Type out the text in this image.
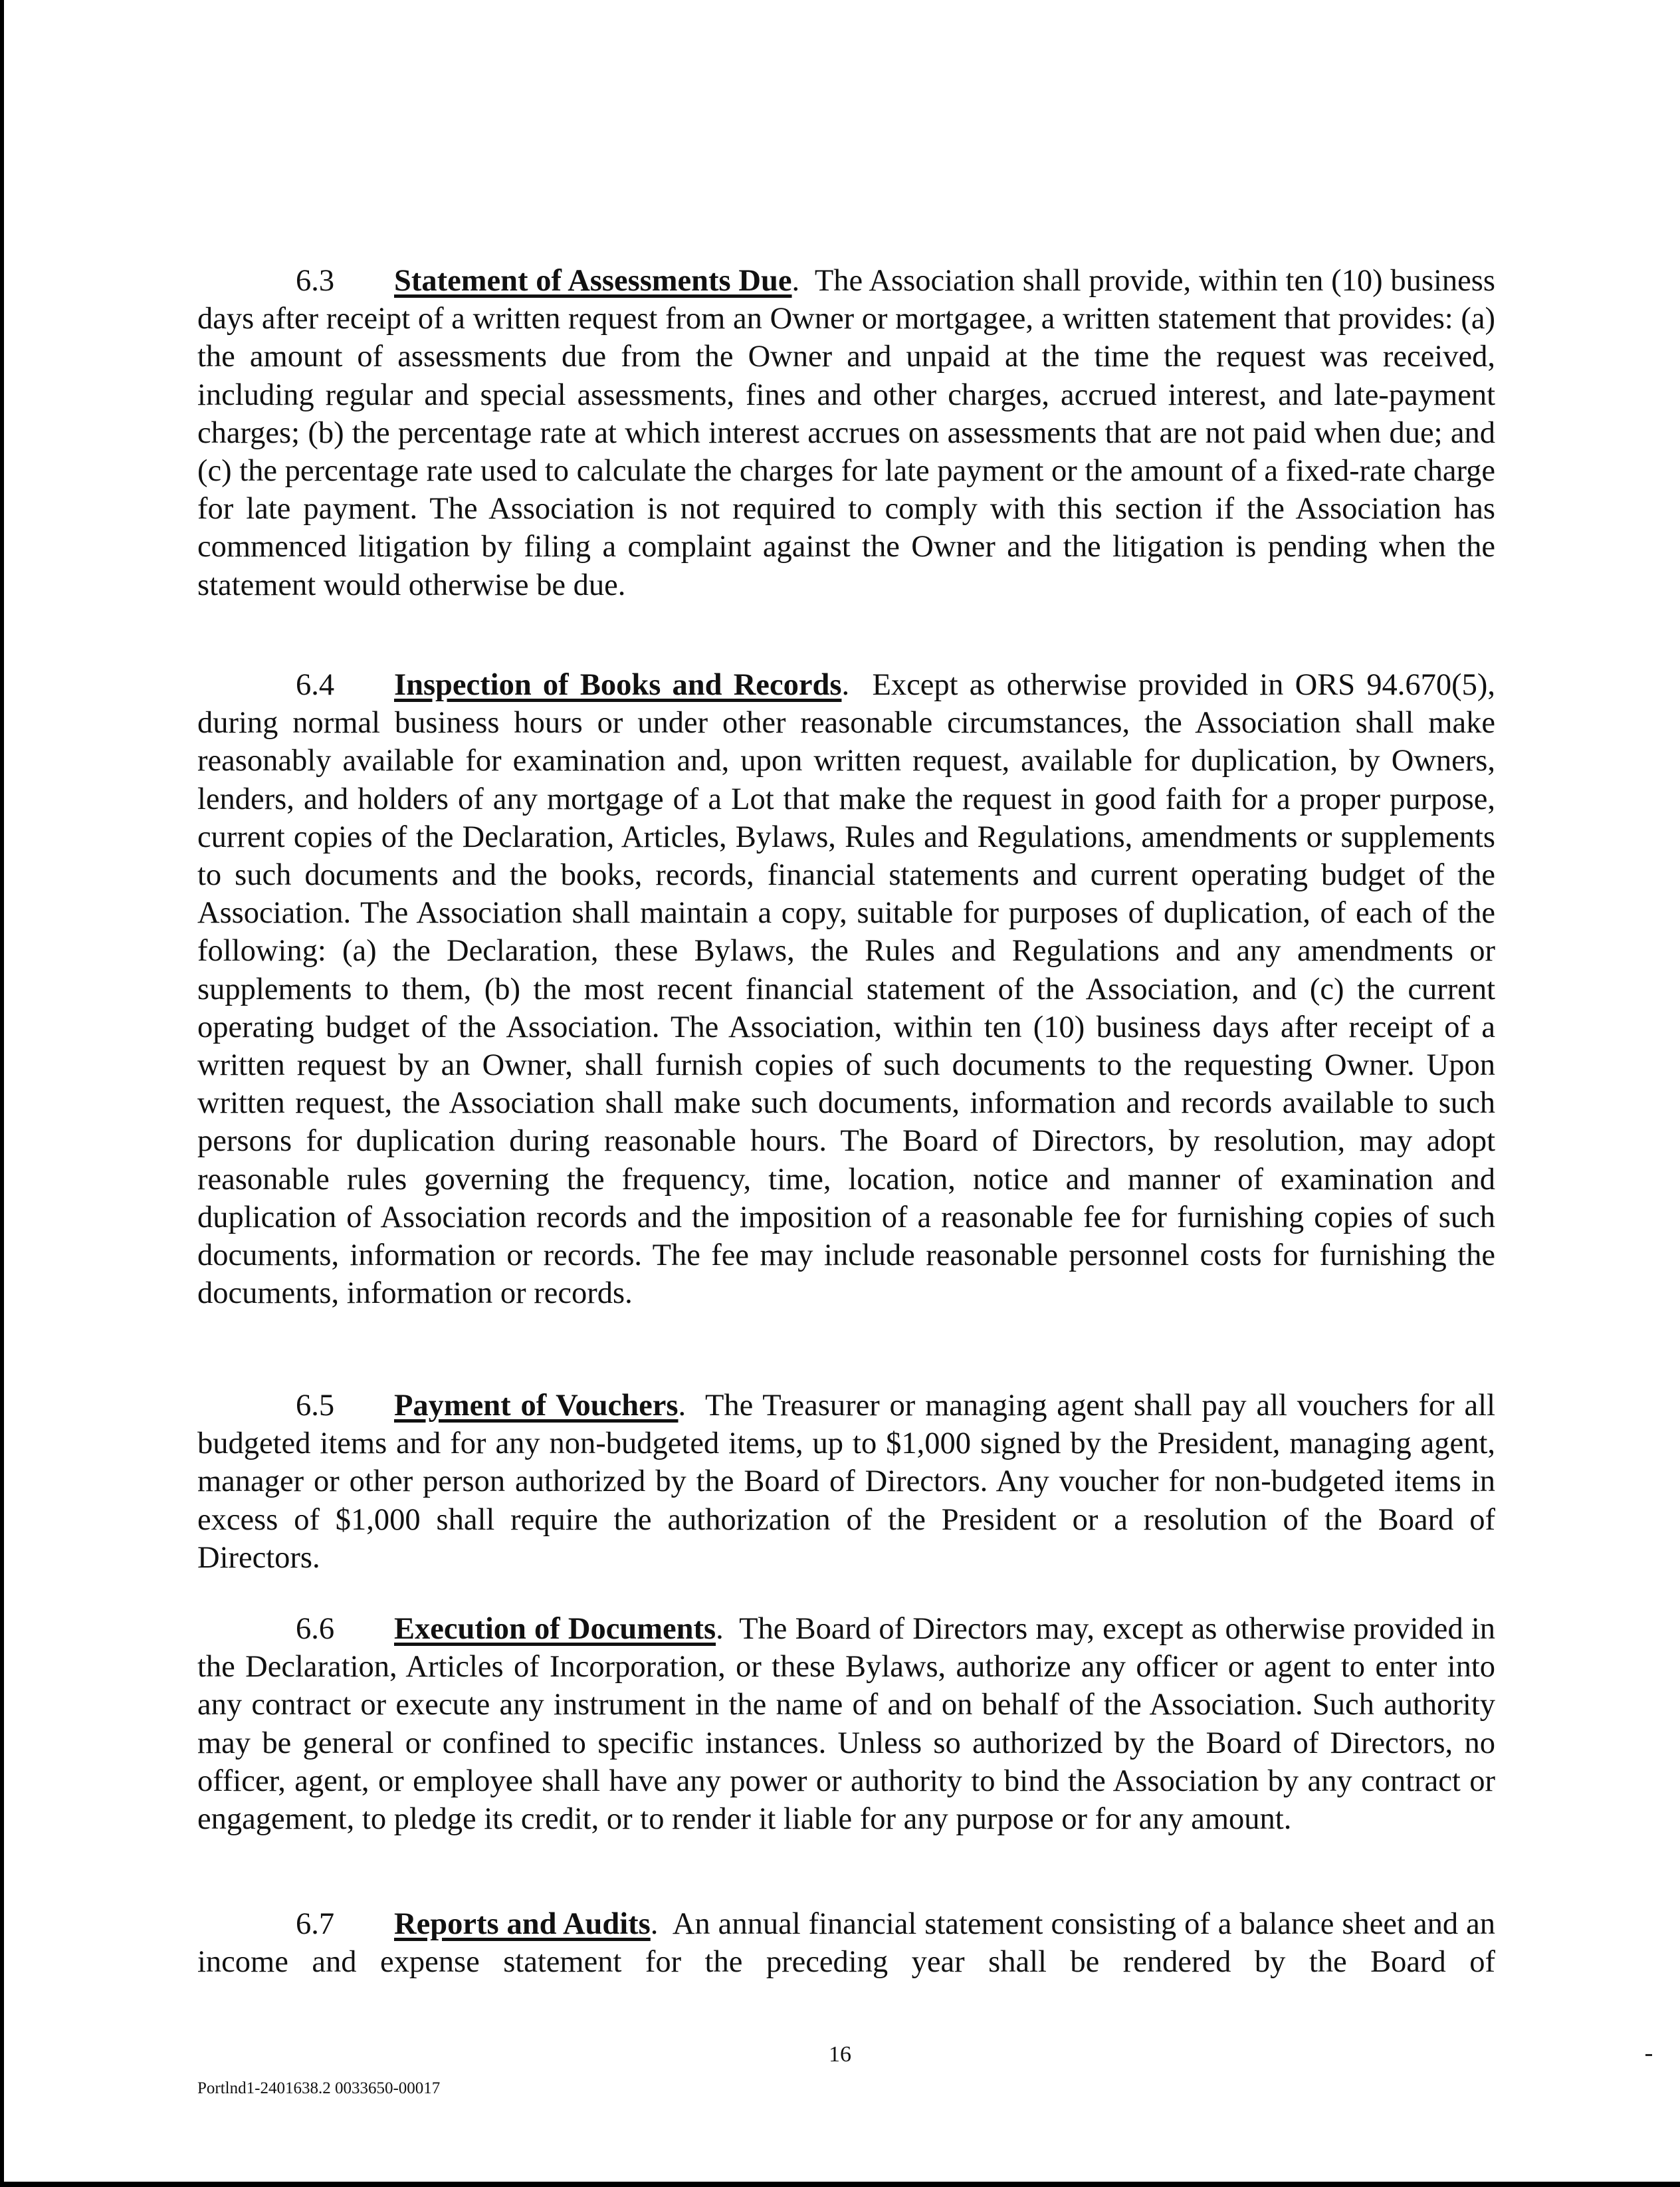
6.3 Statement of Assessments Due.  The Association shall provide, within ten (10) business days after receipt of a written request from an Owner or mortgagee, a written statement that provides: (a) the amount of assessments due from the Owner and unpaid at the time the request was received, including regular and special assessments, fines and other charges, accrued interest, and late-payment charges; (b) the percentage rate at which interest accrues on assessments that are not paid when due; and (c) the percentage rate used to calculate the charges for late payment or the amount of a fixed-rate charge for late payment. The Association is not required to comply with this section if the Association has commenced litigation by filing a complaint against the Owner and the litigation is pending when the statement would otherwise be due.

6.4 Inspection of Books and Records.  Except as otherwise provided in ORS 94.670(5), during normal business hours or under other reasonable circumstances, the Association shall make reasonably available for examination and, upon written request, available for duplication, by Owners, lenders, and holders of any mortgage of a Lot that make the request in good faith for a proper purpose, current copies of the Declaration, Articles, Bylaws, Rules and Regulations, amendments or supplements to such documents and the books, records, financial statements and current operating budget of the Association. The Association shall maintain a copy, suitable for purposes of duplication, of each of the following: (a) the Declaration, these Bylaws, the Rules and Regulations and any amendments or supplements to them, (b) the most recent financial statement of the Association, and (c) the current operating budget of the Association. The Association, within ten (10) business days after receipt of a written request by an Owner, shall furnish copies of such documents to the requesting Owner. Upon written request, the Association shall make such documents, information and records available to such persons for duplication during reasonable hours. The Board of Directors, by resolution, may adopt reasonable rules governing the frequency, time, location, notice and manner of examination and duplication of Association records and the imposition of a reasonable fee for furnishing copies of such documents, information or records. The fee may include reasonable personnel costs for furnishing the documents, information or records.

6.5 Payment of Vouchers.  The Treasurer or managing agent shall pay all vouchers for all budgeted items and for any non-budgeted items, up to $1,000 signed by the President, managing agent, manager or other person authorized by the Board of Directors. Any voucher for non-budgeted items in excess of $1,000 shall require the authorization of the President or a resolution of the Board of Directors.

6.6 Execution of Documents.  The Board of Directors may, except as otherwise provided in the Declaration, Articles of Incorporation, or these Bylaws, authorize any officer or agent to enter into any contract or execute any instrument in the name of and on behalf of the Association. Such authority may be general or confined to specific instances. Unless so authorized by the Board of Directors, no officer, agent, or employee shall have any power or authority to bind the Association by any contract or engagement, to pledge its credit, or to render it liable for any purpose or for any amount.

6.7 Reports and Audits.  An annual financial statement consisting of a balance sheet and an income and expense statement for the preceding year shall be rendered by the Board of

16
Portlnd1-2401638.2 0033650-00017
